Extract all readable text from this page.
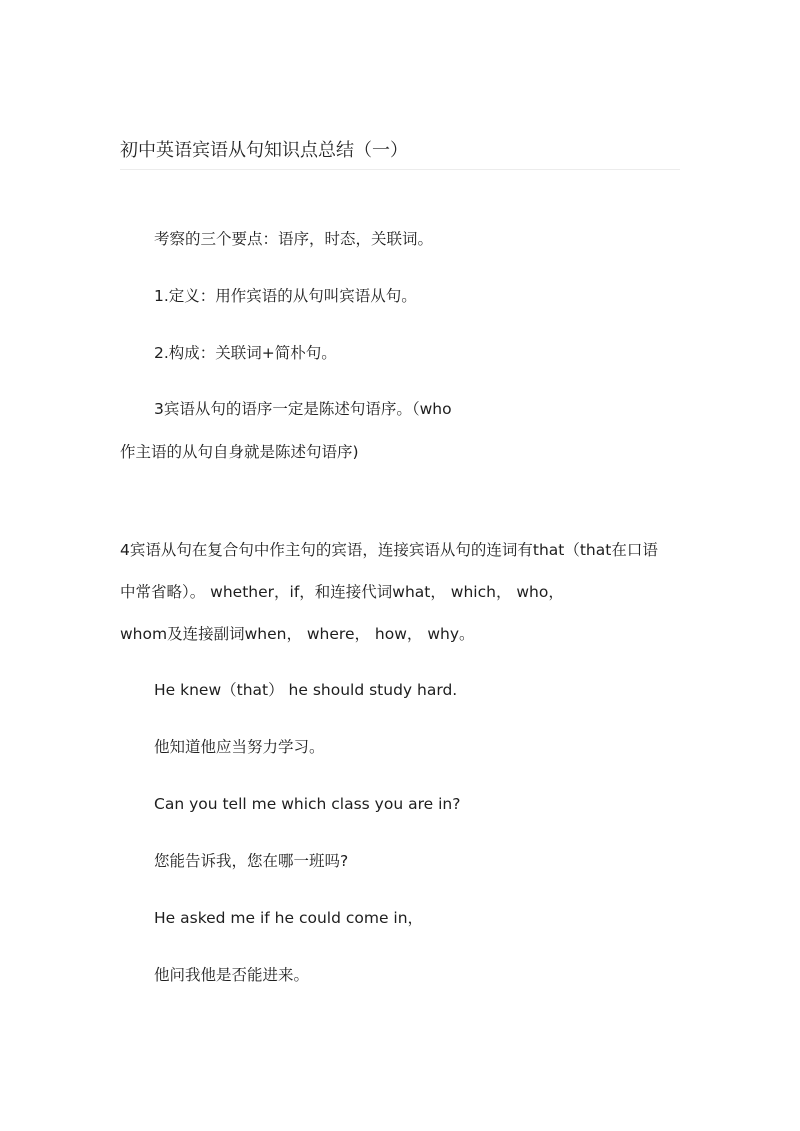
初中英语宾语从句知识点总结（一）
考察的三个要点：语序，时态，关联词。
1.定义：用作宾语的从句叫宾语从句。
2.构成：关联词+简朴句。
3宾语从句的语序一定是陈述句语序。（who
作主语的从句自身就是陈述句语序)
4宾语从句在复合句中作主句的宾语，连接宾语从句的连词有that（that在口语
中常省略）。 whether，if，和连接代词what， which， who，
whom及连接副词when， where， how， why。
He knew（that） he should study hard.
他知道他应当努力学习。
Can you tell me which class you are in?
您能告诉我，您在哪一班吗?
He asked me if he could come in，
他问我他是否能进来。
